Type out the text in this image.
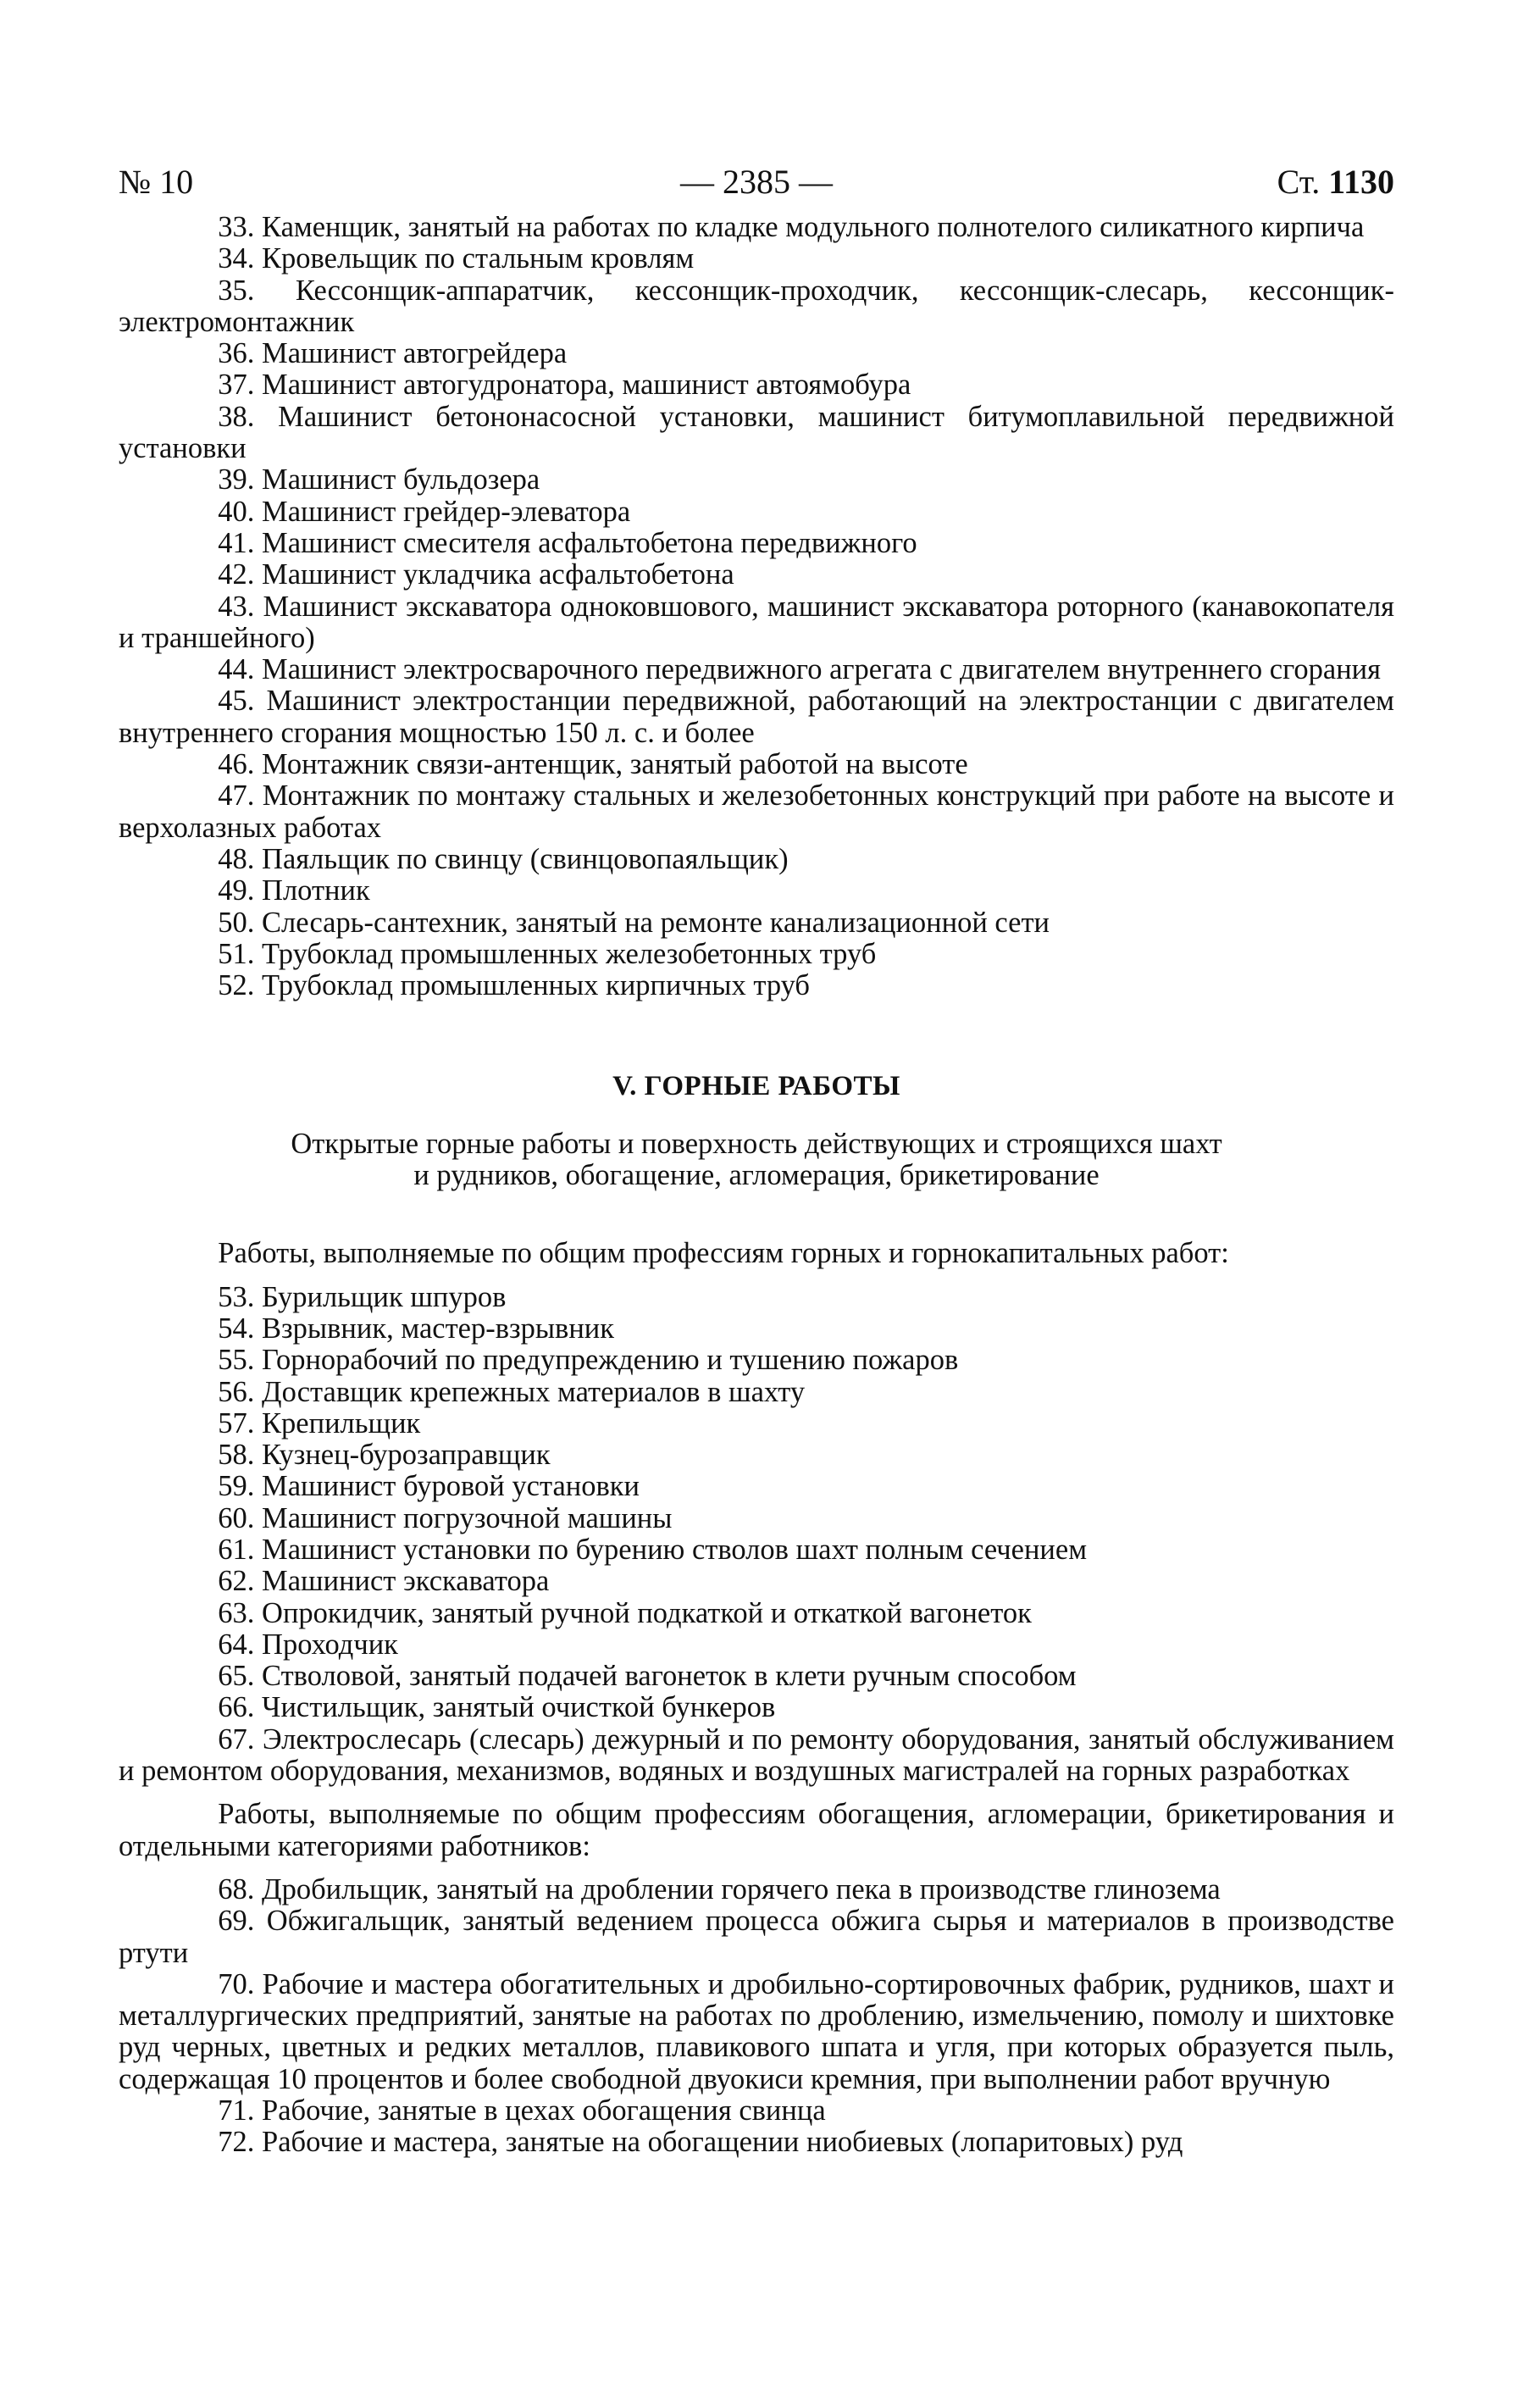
№ 10	— 2385 —	Ст. 1130

33. Каменщик, занятый на работах по кладке модульного полнотелого силикатного кирпича

34. Кровельщик по стальным кровлям

35. Кессонщик-аппаратчик, кессонщик-проходчик, кессонщик-слесарь, кессонщик-электромонтажник

36. Машинист автогрейдера

37. Машинист автогудронатора, машинист автоямобура

38. Машинист бетононасосной установки, машинист битумоплавильной передвижной установки

39. Машинист бульдозера

40. Машинист грейдер-элеватора

41. Машинист смесителя асфальтобетона передвижного

42. Машинист укладчика асфальтобетона

43. Машинист экскаватора одноковшового, машинист экскаватора роторного (канавокопателя и траншейного)

44. Машинист электросварочного передвижного агрегата с двигателем внутреннего сгорания

45. Машинист электростанции передвижной, работающий на электростанции с двигателем внутреннего сгорания мощностью 150 л. с. и более

46. Монтажник связи-антенщик, занятый работой на высоте

47. Монтажник по монтажу стальных и железобетонных конструкций при работе на высоте и верхолазных работах

48. Паяльщик по свинцу (свинцовопаяльщик)

49. Плотник

50. Слесарь-сантехник, занятый на ремонте канализационной сети

51. Трубоклад промышленных железобетонных труб

52. Трубоклад промышленных кирпичных труб

V. ГОРНЫЕ РАБОТЫ

Открытые горные работы и поверхность действующих и строящихся шахт

и рудников, обогащение, агломерация, брикетирование

Работы, выполняемые по общим профессиям горных и горнокапитальных работ:

53. Бурильщик шпуров

54. Взрывник, мастер-взрывник

55. Горнорабочий по предупреждению и тушению пожаров

56. Доставщик крепежных материалов в шахту

57. Крепильщик

58. Кузнец-бурозаправщик

59. Машинист буровой установки

60. Машинист погрузочной машины

61. Машинист установки по бурению стволов шахт полным сечением

62. Машинист экскаватора

63. Опрокидчик, занятый ручной подкаткой и откаткой вагонеток

64. Проходчик

65. Стволовой, занятый подачей вагонеток в клети ручным способом

66. Чистильщик, занятый очисткой бункеров

67. Электрослесарь (слесарь) дежурный и по ремонту оборудования, занятый обслуживанием и ремонтом оборудования, механизмов, водяных и воздушных магистралей на горных разработках

Работы, выполняемые по общим профессиям обогащения, агломерации, брикетирования и отдельными категориями работников:

68. Дробильщик, занятый на дроблении горячего пека в производстве глинозема

69. Обжигальщик, занятый ведением процесса обжига сырья и материалов в производстве ртути

70. Рабочие и мастера обогатительных и дробильно-сортировочных фабрик, рудников, шахт и металлургических предприятий, занятые на работах по дроблению, измельчению, помолу и шихтовке руд черных, цветных и редких металлов, плавикового шпата и угля, при которых образуется пыль, содержащая 10 процентов и более свободной двуокиси кремния, при выполнении работ вручную

71. Рабочие, занятые в цехах обогащения свинца

72. Рабочие и мастера, занятые на обогащении ниобиевых (лопаритовых) руд
